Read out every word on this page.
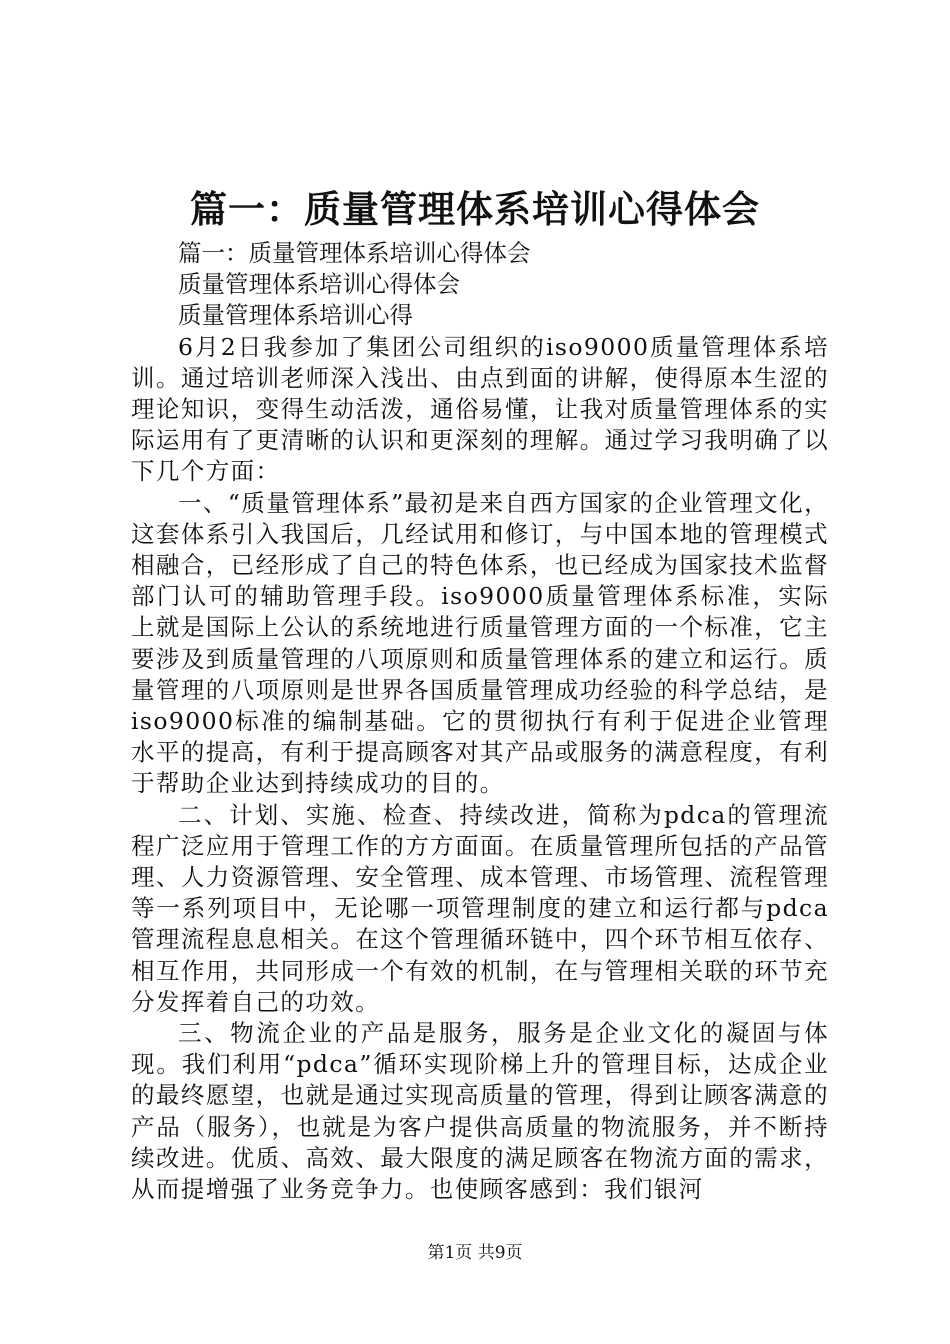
篇一：质量管理体系培训心得体会

篇一：质量管理体系培训心得体会

质量管理体系培训心得体会

质量管理体系培训心得

6月2日我参加了集团公司组织的iso9000质量管理体系培训。通过培训老师深入浅出、由点到面的讲解，使得原本生涩的理论知识，变得生动活泼，通俗易懂，让我对质量管理体系的实际运用有了更清晰的认识和更深刻的理解。通过学习我明确了以下几个方面：

一、“质量管理体系”最初是来自西方国家的企业管理文化，这套体系引入我国后，几经试用和修订，与中国本地的管理模式相融合，已经形成了自己的特色体系，也已经成为国家技术监督部门认可的辅助管理手段。iso9000质量管理体系标准，实际上就是国际上公认的系统地进行质量管理方面的一个标准，它主要涉及到质量管理的八项原则和质量管理体系的建立和运行。质量管理的八项原则是世界各国质量管理成功经验的科学总结，是iso9000标准的编制基础。它的贯彻执行有利于促进企业管理水平的提高，有利于提高顾客对其产品或服务的满意程度，有利于帮助企业达到持续成功的目的。

二、计划、实施、检查、持续改进，简称为pdca的管理流程广泛应用于管理工作的方方面面。在质量管理所包括的产品管理、人力资源管理、安全管理、成本管理、市场管理、流程管理等一系列项目中，无论哪一项管理制度的建立和运行都与pdca管理流程息息相关。在这个管理循环链中，四个环节相互依存、相互作用，共同形成一个有效的机制，在与管理相关联的环节充分发挥着自己的功效。

三、物流企业的产品是服务，服务是企业文化的凝固与体现。我们利用“pdca”循环实现阶梯上升的管理目标，达成企业的最终愿望，也就是通过实现高质量的管理，得到让顾客满意的产品（服务），也就是为客户提供高质量的物流服务，并不断持续改进。优质、高效、最大限度的满足顾客在物流方面的需求，从而提增强了业务竞争力。也使顾客感到：我们银河

第1页 共9页
